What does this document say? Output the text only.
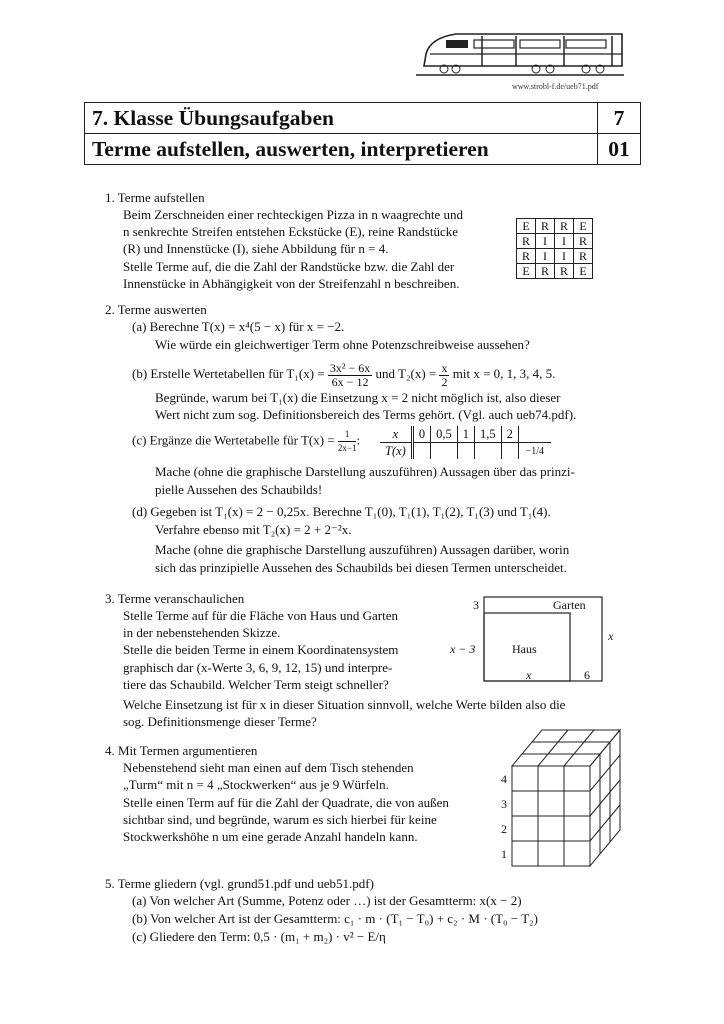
www.strobl-f.de/ueb71.pdf
7. Klasse Übungsaufgaben	7
Terme aufstellen, auswerten, interpretieren	01
1. Terme aufstellen
Beim Zerschneiden einer rechteckigen Pizza in n waagrechte und
n senkrechte Streifen entstehen Eckstücke (E), reine Randstücke
(R) und Innenstücke (I), siehe Abbildung für n = 4.
Stelle Terme auf, die die Zahl der Randstücke bzw. die Zahl der
Innenstücke in Abhängigkeit von der Streifenzahl n beschreiben.
E	R	R	E
R	I	I	R
R	I	I	R
E	R	R	E
2. Terme auswerten
(a) Berechne T(x) = x⁴(5 − x) für x = −2.
Wie würde ein gleichwertiger Term ohne Potenzschreibweise aussehen?
(b) Erstelle Wertetabellen für $T_1(x) = \frac{\text{3x² − 6x}}{6x - 12}$ und $T_2(x) = \frac{x}{2}$ mit x = 0, 1, 3, 4, 5.
Begründe, warum bei T₁(x) die Einsetzung x = 2 nicht möglich ist, also dieser
Wert nicht zum sog. Definitionsbereich des Terms gehört. (Vgl. auch ueb74.pdf).
(c) Ergänze die Wertetabelle für $T(x) = \frac{1}{2x-1}$ :	x	0	0,5	1	1,5	2	
T(x)						−1/4
Mache (ohne die graphische Darstellung auszuführen) Aussagen über das prinzi-
pielle Aussehen des Schaubilds!
(d) Gegeben ist T₁(x) = 2 − 0,25x. Berechne T₁(0), T₁(1), T₁(2), T₁(3) und T₁(4).
Verfahre ebenso mit T₂(x) = 2 + 2⁻²x.
Mache (ohne die graphische Darstellung auszuführen) Aussagen darüber, worin
sich das prinzipielle Aussehen des Schaubilds bei diesen Termen unterscheidet.
3. Terme veranschaulichen
Stelle Terme auf für die Fläche von Haus und Garten
in der nebenstehenden Skizze.
Stelle die beiden Terme in einem Koordinatensystem
graphisch dar (x-Werte 3, 6, 9, 12, 15) und interpre-
tiere das Schaubild. Welcher Term steigt schneller?
Welche Einsetzung ist für x in dieser Situation sinnvoll, welche Werte bilden also die
sog. Definitionsmenge dieser Terme?
3	Garten
x
x − 3	Haus
x	6
4. Mit Termen argumentieren
Nebenstehend sieht man einen auf dem Tisch stehenden
„Turm“ mit n = 4 „Stockwerken“ aus je 9 Würfeln.
Stelle einen Term auf für die Zahl der Quadrate, die von außen
sichtbar sind, und begründe, warum es sich hierbei für keine
Stockwerkshöhe n um eine gerade Anzahl handeln kann.
4
3
2
1
5. Terme gliedern (vgl. grund51.pdf und ueb51.pdf)
(a) Von welcher Art (Summe, Potenz oder …) ist der Gesamtterm: x(x − 2)
(b) Von welcher Art ist der Gesamtterm: c₁ · m · (T₁ − T₀) + c₂ · M · (T₀ − T₂)
(c) Gliedere den Term: 0,5 · (m₁ + m₂) · v² − E/η
